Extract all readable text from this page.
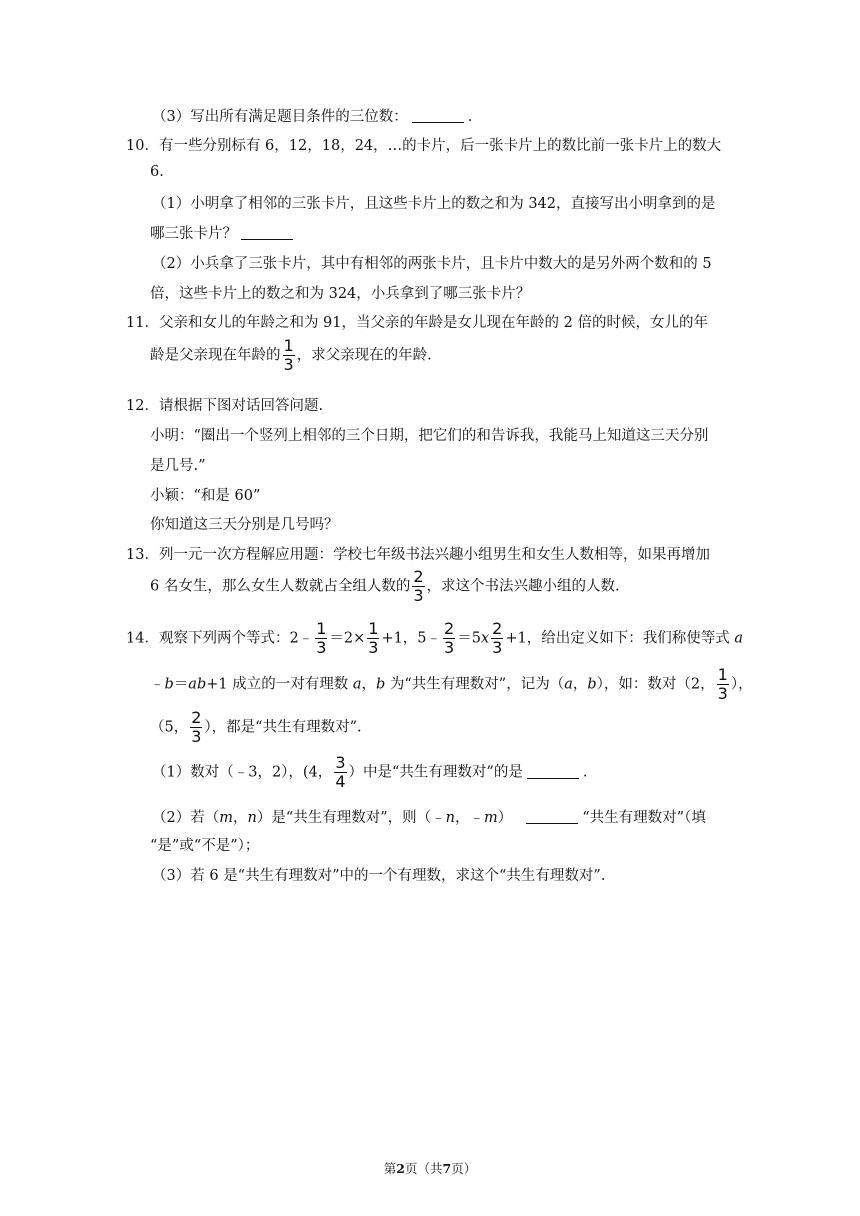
（3）写出所有满足题目条件的三位数：	.
10．有一些分别标有 6，12，18，24，…的卡片，后一张卡片上的数比前一张卡片上的数大
6.
（1）小明拿了相邻的三张卡片，且这些卡片上的数之和为 342，直接写出小明拿到的是
哪三张卡片？
（2）小兵拿了三张卡片，其中有相邻的两张卡片，且卡片中数大的是另外两个数和的 5
倍，这些卡片上的数之和为 324，小兵拿到了哪三张卡片？
11．父亲和女儿的年龄之和为 91，当父亲的年龄是女儿现在年龄的 2 倍的时候，女儿的年
龄是父亲现在年龄的 $\frac{1}{3}$ ，求父亲现在的年龄.
12．请根据下图对话回答问题.
小明：“圈出一个竖列上相邻的三个日期，把它们的和告诉我，我能马上知道这三天分别
是几号.”
小颖：“和是 60”
你知道这三天分别是几号吗？
13．列一元一次方程解应用题：学校七年级书法兴趣小组男生和女生人数相等，如果再增加
6 名女生，那么女生人数就占全组人数的 $\frac{2}{3}$ ，求这个书法兴趣小组的人数.
14．观察下列两个等式：2﹣ $\frac{1}{3} =2\times \frac{1}{3} +1$，5﹣ $\frac{2}{3} =5x \frac{2}{3} +1$，给出定义如下：我们称使等式 a
﹣b＝ab+1 成立的一对有理数 a，b 为“共生有理数对”，记为（a，b），如：数对（2， $\frac{1}{3}$ ），
（5， $\frac{2}{3}$ ），都是“共生有理数对”.
（1）数对（﹣3，2），(4， $\frac{3}{4}$ ）中是“共生有理数对”的是	.
（2）若（m，n）是“共生有理数对”，则（﹣n，﹣m）	“共生有理数对”（填
“是”或“不是”）；
（3）若 6 是“共生有理数对”中的一个有理数，求这个“共生有理数对”.
第2页（共7页）
